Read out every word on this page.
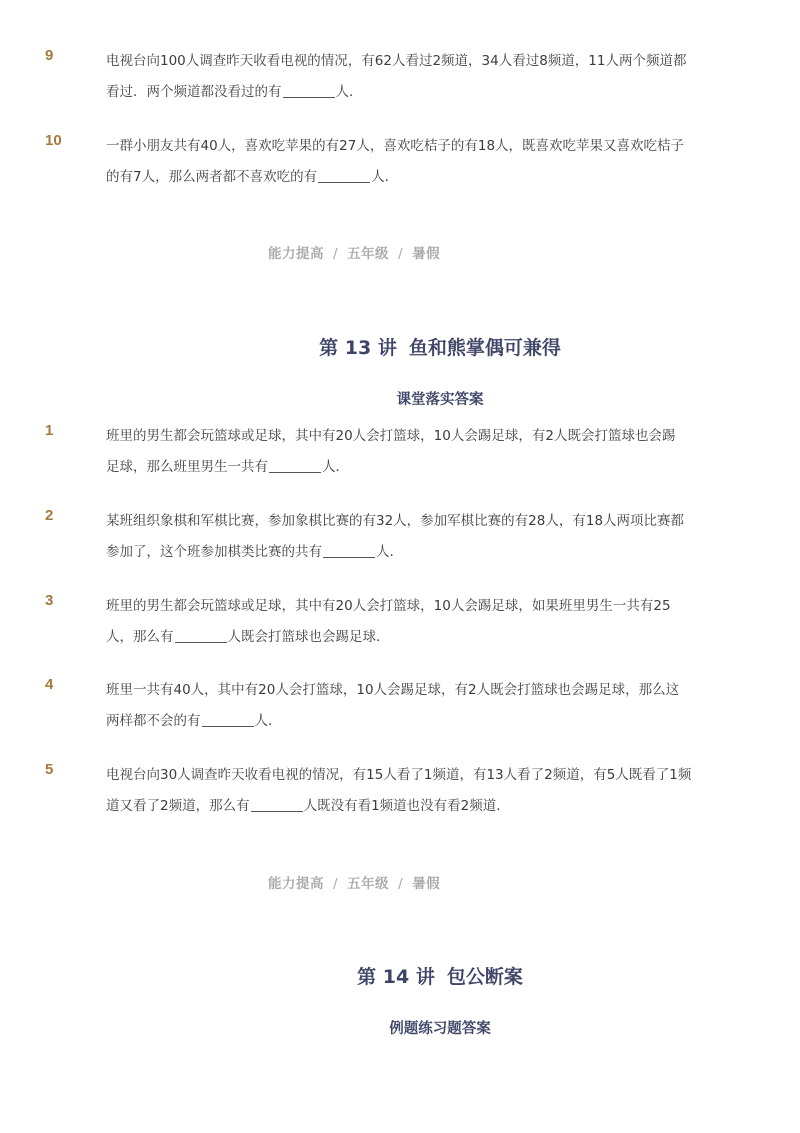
9	电视台向100人调查昨天收看电视的情况，有62人看过2频道，34人看过8频道，11人两个频道都
看过．两个频道都没看过的有	人．
10	一群小朋友共有40人，喜欢吃苹果的有27人，喜欢吃桔子的有18人，既喜欢吃苹果又喜欢吃桔子
的有7人，那么两者都不喜欢吃的有	人．
能力提高 / 五年级 / 暑假
第 13 讲 鱼和熊掌偶可兼得
课堂落实答案
1	班里的男生都会玩篮球或足球，其中有20人会打篮球，10人会踢足球，有2人既会打篮球也会踢
足球，那么班里男生一共有	人．
2	某班组织象棋和军棋比赛，参加象棋比赛的有32人，参加军棋比赛的有28人，有18人两项比赛都
参加了，这个班参加棋类比赛的共有	人.
3	班里的男生都会玩篮球或足球，其中有20人会打篮球，10人会踢足球，如果班里男生一共有25
人，那么有	人既会打篮球也会踢足球．
4	班里一共有40人，其中有20人会打篮球，10人会踢足球，有2人既会打篮球也会踢足球，那么这
两样都不会的有	人．
5	电视台向30人调查昨天收看电视的情况，有15人看了1频道，有13人看了2频道，有5人既看了1频
道又看了2频道，那么有	人既没有看1频道也没有看2频道．
能力提高 / 五年级 / 暑假
第 14 讲 包公断案
例题练习题答案
